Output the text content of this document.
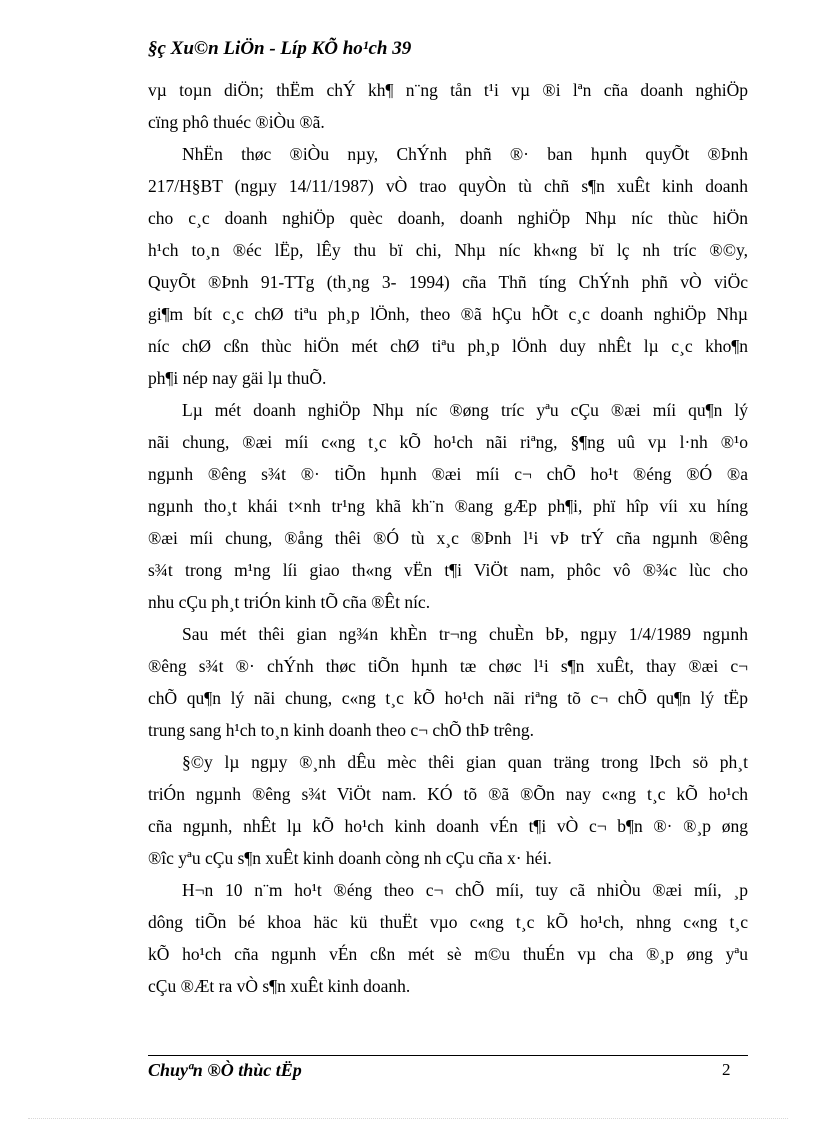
§ç Xu©n LiÖn - Líp KÕ ho¹ch 39
vµ toµn diÖn; thËm chÝ kh¶ n¨ng tån t¹i vµ ®i lªn cña doanh nghiÖp
cïng phô thuéc ®iÒu ®ã.
NhËn thøc ®iÒu nµy, ChÝnh phñ ®· ban hµnh quyÕt ®Þnh
217/H§BT (ngµy 14/11/1987) vÒ trao quyÒn tù chñ s¶n xuÊt kinh doanh
cho c¸c doanh nghiÖp quèc doanh, doanh nghiÖp Nhµ níc thùc hiÖn
h¹ch to¸n ®éc lËp, lÊy thu bï chi, Nhµ níc kh«ng bï lç nh tríc ®©y,
QuyÕt ®Þnh 91-TTg (th¸ng 3- 1994) cña Thñ tíng ChÝnh phñ vÒ viÖc
gi¶m bít c¸c chØ tiªu ph¸p lÖnh, theo ®ã hÇu hÕt c¸c doanh nghiÖp Nhµ
níc chØ cßn thùc hiÖn mét chØ tiªu ph¸p lÖnh duy nhÊt lµ c¸c kho¶n
ph¶i nép nay gäi lµ thuÕ.
Lµ mét doanh nghiÖp Nhµ níc ®øng tríc yªu cÇu ®æi míi qu¶n lý
nãi chung, ®æi míi c«ng t¸c kÕ ho¹ch nãi riªng, §¶ng uû vµ l·nh ®¹o
ngµnh ®êng s¾t ®· tiÕn hµnh ®æi míi c¬ chÕ ho¹t ®éng ®Ó ®a
ngµnh tho¸t khái t×nh tr¹ng khã kh¨n ®ang gÆp ph¶i, phï hîp víi xu híng
®æi míi chung, ®ång thêi ®Ó tù x¸c ®Þnh l¹i vÞ trÝ cña ngµnh ®êng
s¾t trong m¹ng líi giao th«ng vËn t¶i ViÖt nam, phôc vô ®¾c lùc cho
nhu cÇu ph¸t triÓn kinh tÕ cña ®Êt níc.
Sau mét thêi gian ng¾n khÈn tr¬ng chuÈn bÞ, ngµy 1/4/1989 ngµnh
®êng s¾t ®· chÝnh thøc tiÕn hµnh tæ chøc l¹i s¶n xuÊt, thay ®æi c¬
chÕ qu¶n lý nãi chung, c«ng t¸c kÕ ho¹ch nãi riªng tõ c¬ chÕ qu¶n lý tËp
trung sang h¹ch to¸n kinh doanh theo c¬ chÕ thÞ trêng.
§©y lµ ngµy ®¸nh dÊu mèc thêi gian quan träng trong lÞch sö ph¸t
triÓn ngµnh ®êng s¾t ViÖt nam. KÓ tõ ®ã ®Õn nay c«ng t¸c kÕ ho¹ch
cña ngµnh, nhÊt lµ kÕ ho¹ch kinh doanh vÉn t¶i vÒ c¬ b¶n ®· ®¸p øng
®îc yªu cÇu s¶n xuÊt kinh doanh còng nh cÇu cña x· héi.
H¬n 10 n¨m ho¹t ®éng theo c¬ chÕ míi, tuy cã nhiÒu ®æi míi, ¸p
dông tiÕn bé khoa häc kü thuËt vµo c«ng t¸c kÕ ho¹ch, nhng c«ng t¸c
kÕ ho¹ch cña ngµnh vÉn cßn mét sè m©u thuÉn vµ cha ®¸p øng yªu
cÇu ®Æt ra vÒ s¶n xuÊt kinh doanh.
Chuyªn ®Ò thùc tËp	2
